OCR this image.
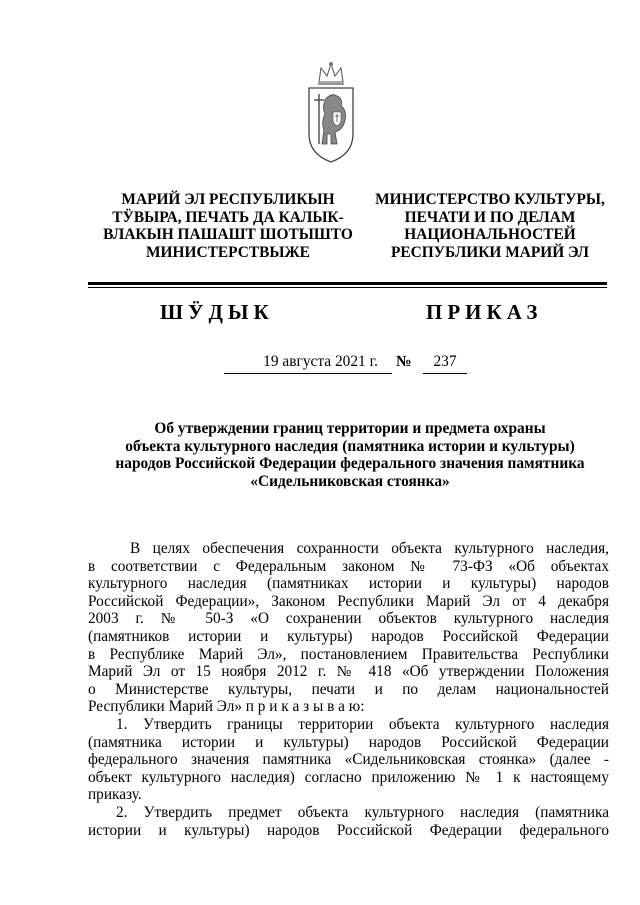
МАРИЙ ЭЛ РЕСПУБЛИКЫН
ТӰВЫРА, ПЕЧАТЬ ДА КАЛЫК-
ВЛАКЫН ПАШАШТ ШОТЫШТО
МИНИСТЕРСТВЫЖЕ
МИНИСТЕРСТВО КУЛЬТУРЫ,
ПЕЧАТИ И ПО ДЕЛАМ
НАЦИОНАЛЬНОСТЕЙ
РЕСПУБЛИКИ МАРИЙ ЭЛ
ШӰДЫК	ПРИКАЗ
19 августа 2021 г.	№	237
Об утверждении границ территории и предмета охраны
объекта культурного наследия (памятника истории и культуры)
народов Российской Федерации федерального значения памятника
«Сидельниковская стоянка»
В целях обеспечения сохранности объекта культурного наследия,
в соответствии с Федеральным законом № 73-ФЗ «Об объектах
культурного наследия (памятниках истории и культуры) народов
Российской Федерации», Законом Республики Марий Эл от 4 декабря
2003 г. № 50-З «О сохранении объектов культурного наследия
(памятников истории и культуры) народов Российской Федерации
в Республике Марий Эл», постановлением Правительства Республики
Марий Эл от 15 ноября 2012 г. № 418 «Об утверждении Положения
о Министерстве культуры, печати и по делам национальностей
Республики Марий Эл» п р и к а з ы в а ю:
1. Утвердить границы территории объекта культурного наследия
(памятника истории и культуры) народов Российской Федерации
федерального значения памятника «Сидельниковская стоянка» (далее -
объект культурного наследия) согласно приложению № 1 к настоящему
приказу.
2. Утвердить предмет объекта культурного наследия (памятника
истории и культуры) народов Российской Федерации федерального
